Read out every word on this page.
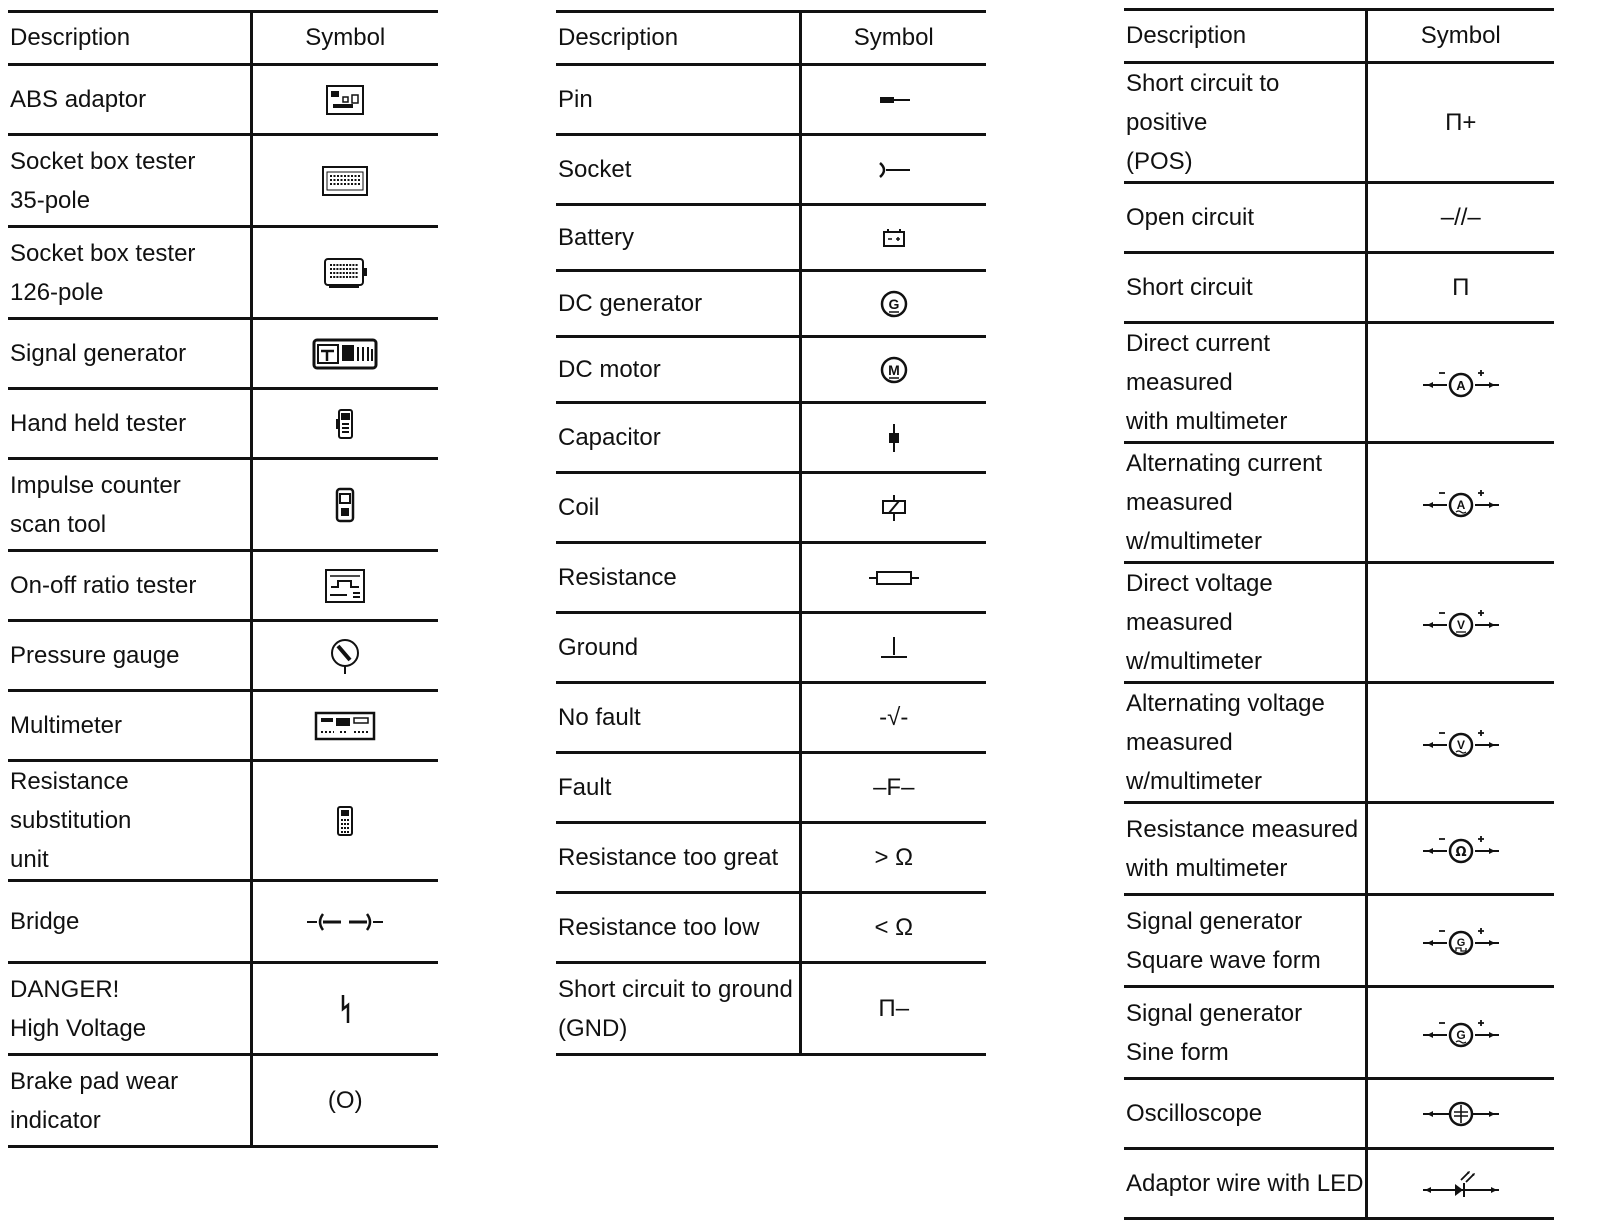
Description	Symbol
ABS adaptor	

Socket box tester
35-pole	

Socket box tester
126-pole	

Signal generator	

Hand held tester	

Impulse counter
scan tool	

On-off ratio tester	

Pressure gauge	

Multimeter	

Resistance substitution
unit	

Bridge	

DANGER!
High Voltage	

Brake pad wear
indicator	(O)
Description	Symbol
Pin	

Socket	

Battery	

DC generator	G

DC motor	M

Capacitor	

Coil	

Resistance	

Ground	

No fault	-√-
Fault	–F–
Resistance too great	> Ω
Resistance too low	< Ω
Short circuit to ground
(GND)	Π–
Description	Symbol
Short circuit to positive
(POS)	Π+
Open circuit	–//–
Short circuit	Π
Direct current measured
with multimeter	A

Alternating current
measured w/multimeter	A

Direct voltage
measured w/multimeter	V

Alternating voltage
measured w/multimeter	V

Resistance measured
with multimeter	Ω

Signal generator
Square wave form	G

Signal generator
Sine form	G

Oscilloscope	

Adaptor wire with LED	
